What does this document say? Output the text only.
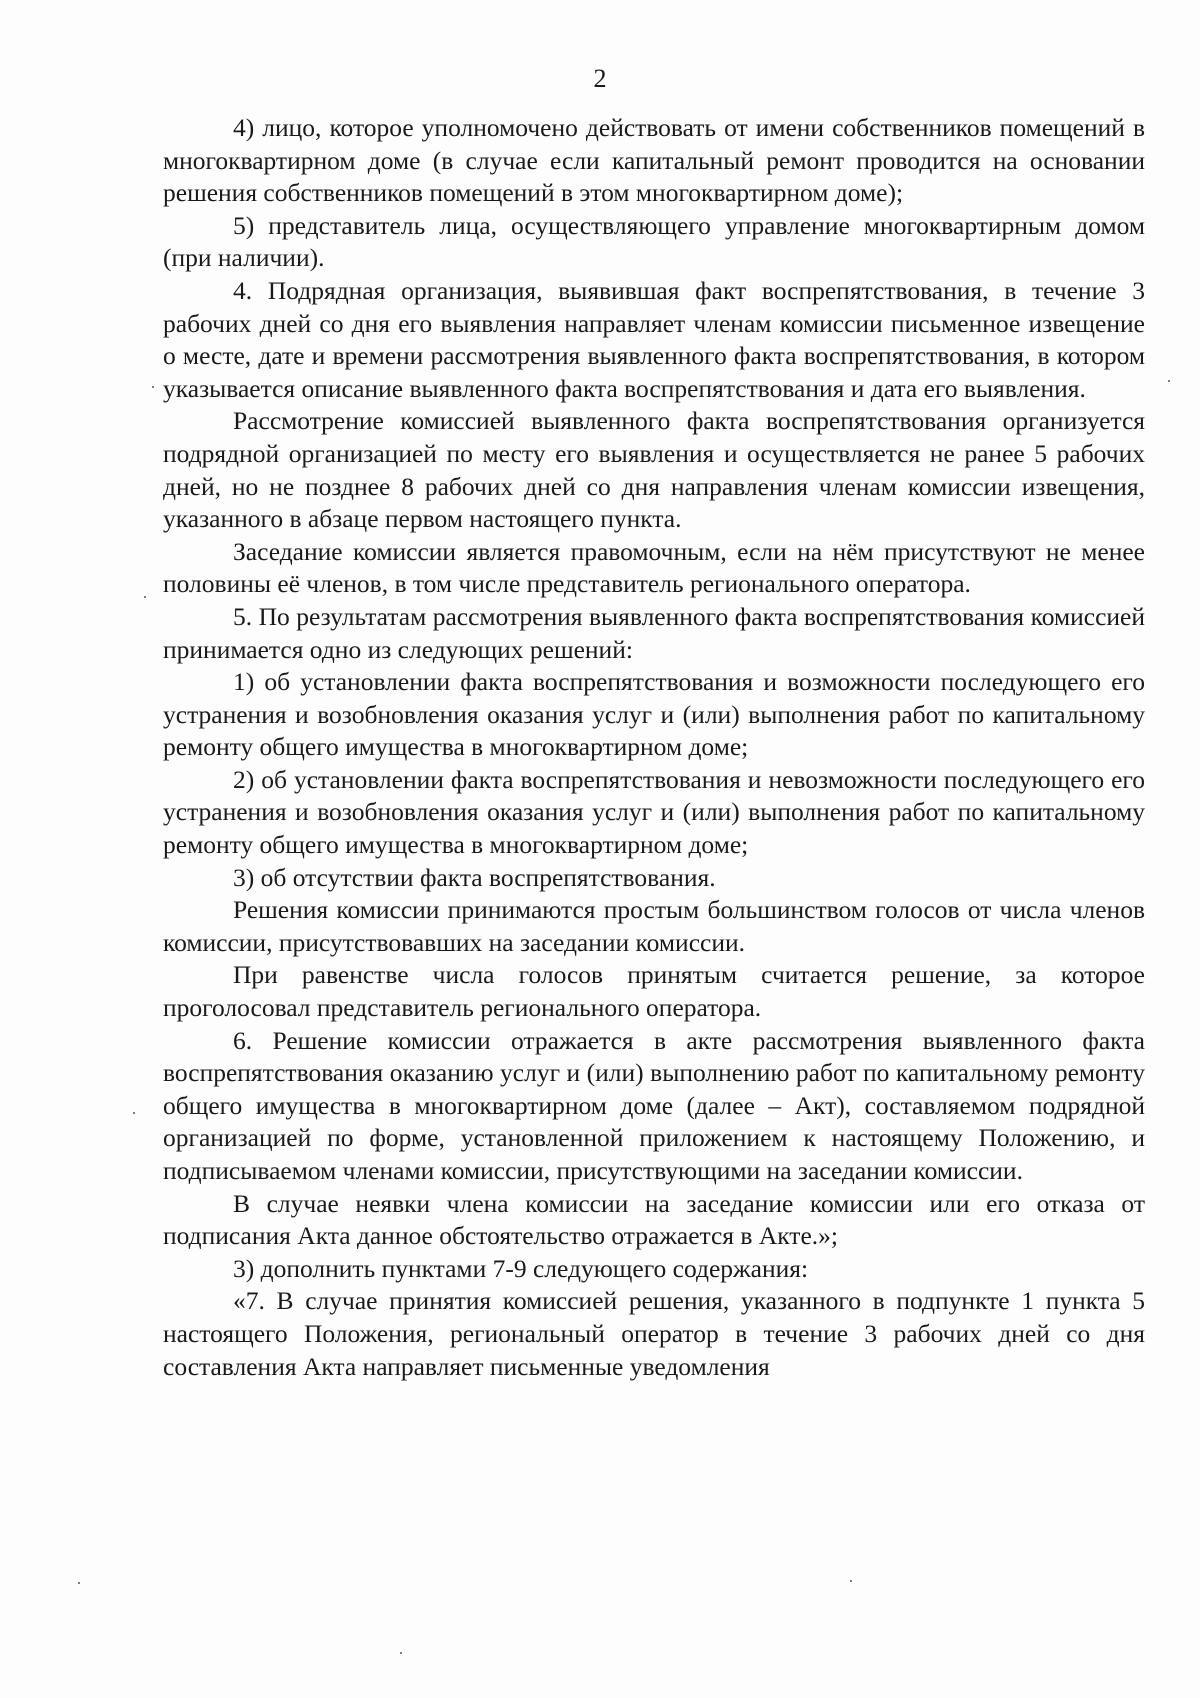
2

4) лицо, которое уполномочено действовать от имени собственников помещений в многоквартирном доме (в случае если капитальный ремонт проводится на основании решения собственников помещений в этом многоквартирном доме);

5) представитель лица, осуществляющего управление многоквартирным домом (при наличии).

4. Подрядная организация, выявившая факт воспрепятствования, в течение 3 рабочих дней со дня его выявления направляет членам комиссии письменное извещение о месте, дате и времени рассмотрения выявленного факта воспрепятствования, в котором указывается описание выявленного факта воспрепятствования и дата его выявления.

Рассмотрение комиссией выявленного факта воспрепятствования организуется подрядной организацией по месту его выявления и осуществляется не ранее 5 рабочих дней, но не позднее 8 рабочих дней со дня направления членам комиссии извещения, указанного в абзаце первом настоящего пункта.

Заседание комиссии является правомочным, если на нём присутствуют не менее половины её членов, в том числе представитель регионального оператора.

5. По результатам рассмотрения выявленного факта воспрепятствования комиссией принимается одно из следующих решений:

1) об установлении факта воспрепятствования и возможности последующего его устранения и возобновления оказания услуг и (или) выполнения работ по капитальному ремонту общего имущества в многоквартирном доме;

2) об установлении факта воспрепятствования и невозможности последующего его устранения и возобновления оказания услуг и (или) выполнения работ по капитальному ремонту общего имущества в многоквартирном доме;

3) об отсутствии факта воспрепятствования.

Решения комиссии принимаются простым большинством голосов от числа членов комиссии, присутствовавших на заседании комиссии.

При равенстве числа голосов принятым считается решение, за которое проголосовал представитель регионального оператора.

6. Решение комиссии отражается в акте рассмотрения выявленного факта воспрепятствования оказанию услуг и (или) выполнению работ по капитальному ремонту общего имущества в многоквартирном доме (далее – Акт), составляемом подрядной организацией по форме, установленной приложением к настоящему Положению, и подписываемом членами комиссии, присутствующими на заседании комиссии.

В случае неявки члена комиссии на заседание комиссии или его отказа от подписания Акта данное обстоятельство отражается в Акте.»;

3) дополнить пунктами 7-9 следующего содержания:

«7. В случае принятия комиссией решения, указанного в подпункте 1 пункта 5 настоящего Положения, региональный оператор в течение 3 рабочих дней со дня составления Акта направляет письменные уведомления
